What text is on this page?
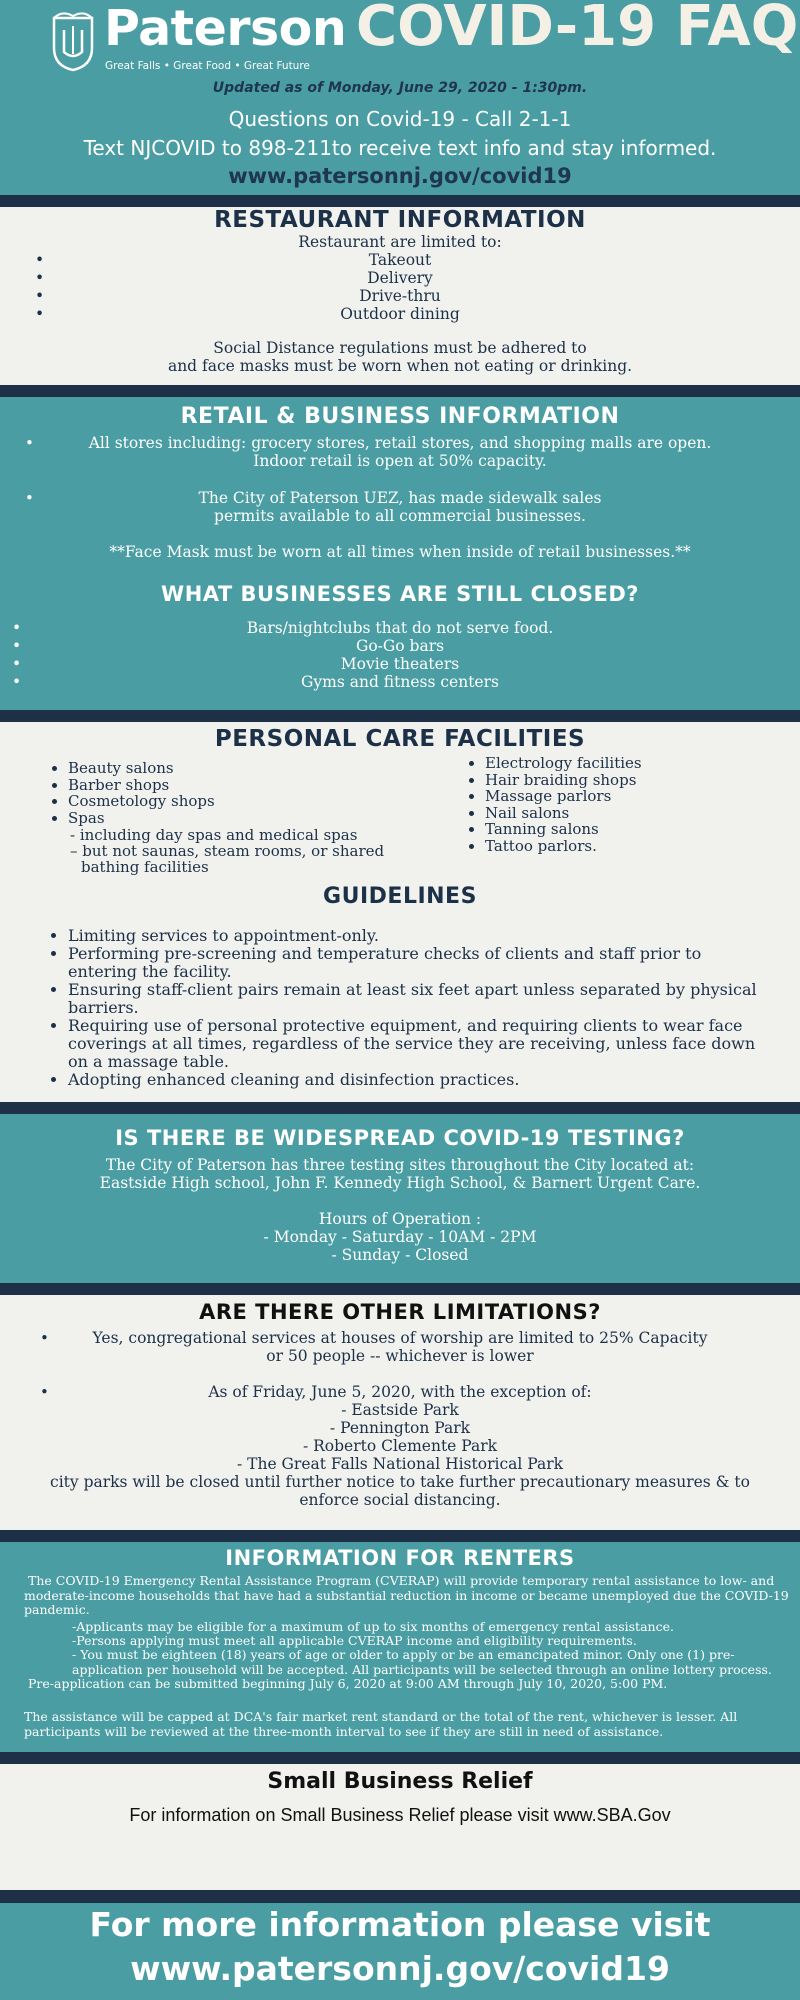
Paterson
Great Falls • Great Food • Great Future
COVID-19 FAQ
Updated as of Monday, June 29, 2020 - 1:30pm.
Questions on Covid-19 - Call 2-1-1
Text NJCOVID to 898-211to receive text info and stay informed.
www.patersonnj.gov/covid19
RESTAURANT INFORMATION
Restaurant are limited to:
• Takeout
• Delivery
• Drive-thru
• Outdoor dining
Social Distance regulations must be adhered to
and face masks must be worn when not eating or drinking.
RETAIL & BUSINESS INFORMATION
•	All stores including: grocery stores, retail stores, and shopping malls are open.
Indoor retail is open at 50% capacity.
•	The City of Paterson UEZ, has made sidewalk sales
permits available to all commercial businesses.
**Face Mask must be worn at all times when inside of retail businesses.**
WHAT BUSINESSES ARE STILL CLOSED?
• Bars/nightclubs that do not serve food.
• Go-Go bars
• Movie theaters
• Gyms and fitness centers
PERSONAL CARE FACILITIES
• Beauty salons
• Barber shops
• Cosmetology shops
• Spas
- including day spas and medical spas
– but not saunas, steam rooms, or shared
bathing facilities
• Electrology facilities
• Hair braiding shops
• Massage parlors
• Nail salons
• Tanning salons
• Tattoo parlors.
GUIDELINES
• Limiting services to appointment-only.
• Performing pre-screening and temperature checks of clients and staff prior to entering the facility.
• Ensuring staff-client pairs remain at least six feet apart unless separated by physical barriers.
• Requiring use of personal protective equipment, and requiring clients to wear face coverings at all times, regardless of the service they are receiving, unless face down on a massage table.
• Adopting enhanced cleaning and disinfection practices.
IS THERE BE WIDESPREAD COVID-19 TESTING?
The City of Paterson has three testing sites throughout the City located at:
Eastside High school, John F. Kennedy High School, & Barnert Urgent Care.
Hours of Operation :
- Monday - Saturday - 10AM - 2PM
- Sunday - Closed
ARE THERE OTHER LIMITATIONS?
•	Yes, congregational services at houses of worship are limited to 25% Capacity
or 50 people -- whichever is lower
•	As of Friday, June 5, 2020, with the exception of:
- Eastside Park
- Pennington Park
- Roberto Clemente Park
- The Great Falls National Historical Park
city parks will be closed until further notice to take further precautionary measures & to
enforce social distancing.
INFORMATION FOR RENTERS
The COVID-19 Emergency Rental Assistance Program (CVERAP) will provide temporary rental assistance to low- and moderate-income households that have had a substantial reduction in income or became unemployed due the COVID-19 pandemic.
-Applicants may be eligible for a maximum of up to six months of emergency rental assistance.
-Persons applying must meet all applicable CVERAP income and eligibility requirements.
- You must be eighteen (18) years of age or older to apply or be an emancipated minor. Only one (1) pre-application per household will be accepted. All participants will be selected through an online lottery process.
Pre-application can be submitted beginning July 6, 2020 at 9:00 AM through July 10, 2020, 5:00 PM.
The assistance will be capped at DCA's fair market rent standard or the total of the rent, whichever is lesser. All participants will be reviewed at the three-month interval to see if they are still in need of assistance.
Small Business Relief
For information on Small Business Relief please visit www.SBA.Gov
For more information please visit
www.patersonnj.gov/covid19
